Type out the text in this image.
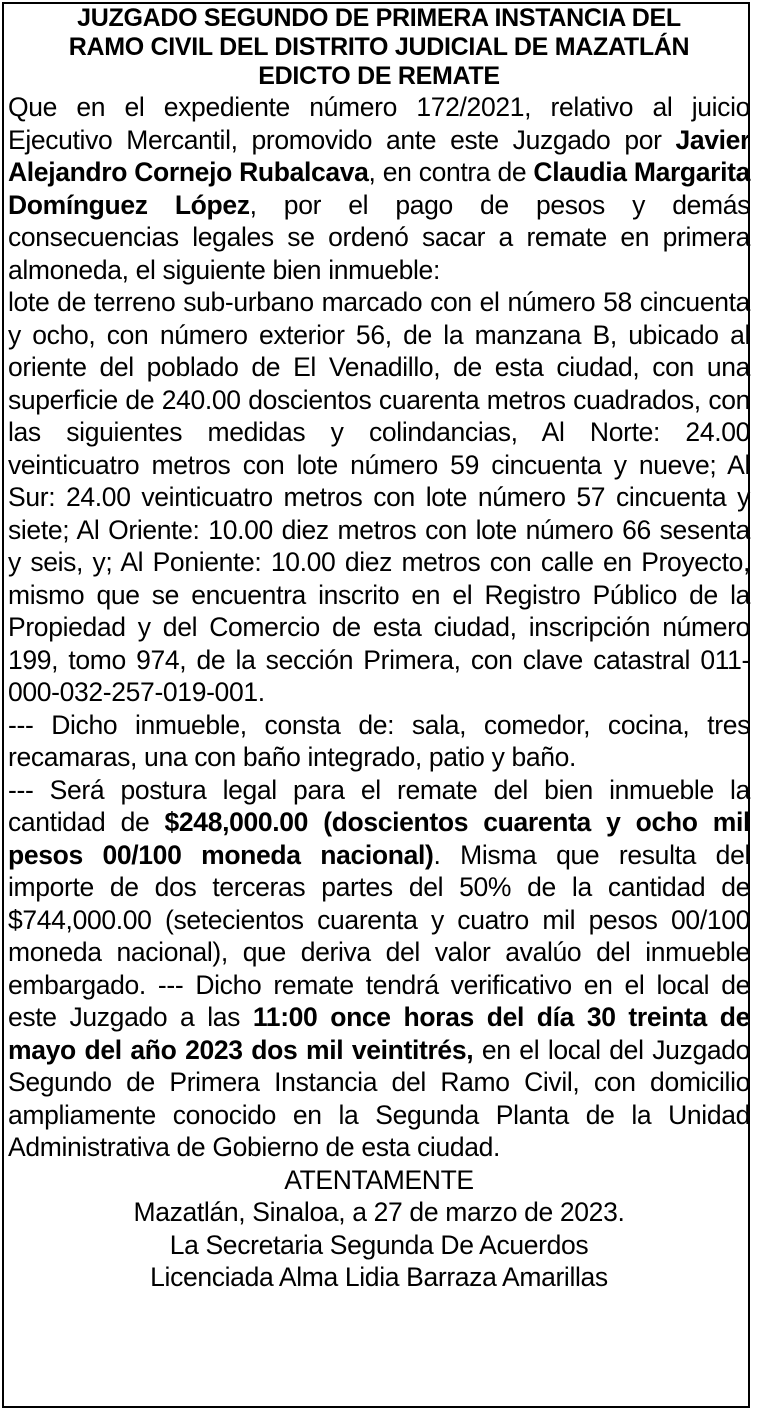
JUZGADO SEGUNDO DE PRIMERA INSTANCIA DEL
RAMO CIVIL DEL DISTRITO JUDICIAL DE MAZATLÁN
EDICTO DE REMATE
Que en el expediente número 172/2021, relativo al juicio Ejecutivo Mercantil, promovido ante este Juzgado por Javier Alejandro Cornejo Rubalcava, en contra de Claudia Margarita Domínguez López, por el pago de pesos y demás consecuencias legales se ordenó sacar a remate en primera almoneda, el siguiente bien inmueble:
lote de terreno sub-urbano marcado con el número 58 cincuenta y ocho, con número exterior 56, de la manzana B, ubicado al oriente del poblado de El Venadillo, de esta ciudad, con una superficie de 240.00 doscientos cuarenta metros cuadrados, con las siguientes medidas y colindancias, Al Norte: 24.00 veinticuatro metros con lote número 59 cincuenta y nueve; Al Sur: 24.00 veinticuatro metros con lote número 57 cincuenta y siete; Al Oriente: 10.00 diez metros con lote número 66 sesenta y seis, y; Al Poniente: 10.00 diez metros con calle en Proyecto, mismo que se encuentra inscrito en el Registro Público de la Propiedad y del Comercio de esta ciudad, inscripción número 199, tomo 974, de la sección Primera, con clave catastral 011-000-032-257-019-001.
--- Dicho inmueble, consta de: sala, comedor, cocina, tres recamaras, una con baño integrado, patio y baño.
--- Será postura legal para el remate del bien inmueble la cantidad de $248,000.00 (doscientos cuarenta y ocho mil pesos 00/100 moneda nacional). Misma que resulta del importe de dos terceras partes del 50% de la cantidad de $744,000.00 (setecientos cuarenta y cuatro mil pesos 00/100 moneda nacional), que deriva del valor avalúo del inmueble embargado. --- Dicho remate tendrá verificativo en el local de este Juzgado a las 11:00 once horas del día 30 treinta de mayo del año 2023 dos mil veintitrés, en el local del Juzgado Segundo de Primera Instancia del Ramo Civil, con domicilio ampliamente conocido en la Segunda Planta de la Unidad Administrativa de Gobierno de esta ciudad.
ATENTAMENTE
Mazatlán, Sinaloa, a 27 de marzo de 2023.
La Secretaria Segunda De Acuerdos
Licenciada Alma Lidia Barraza Amarillas
